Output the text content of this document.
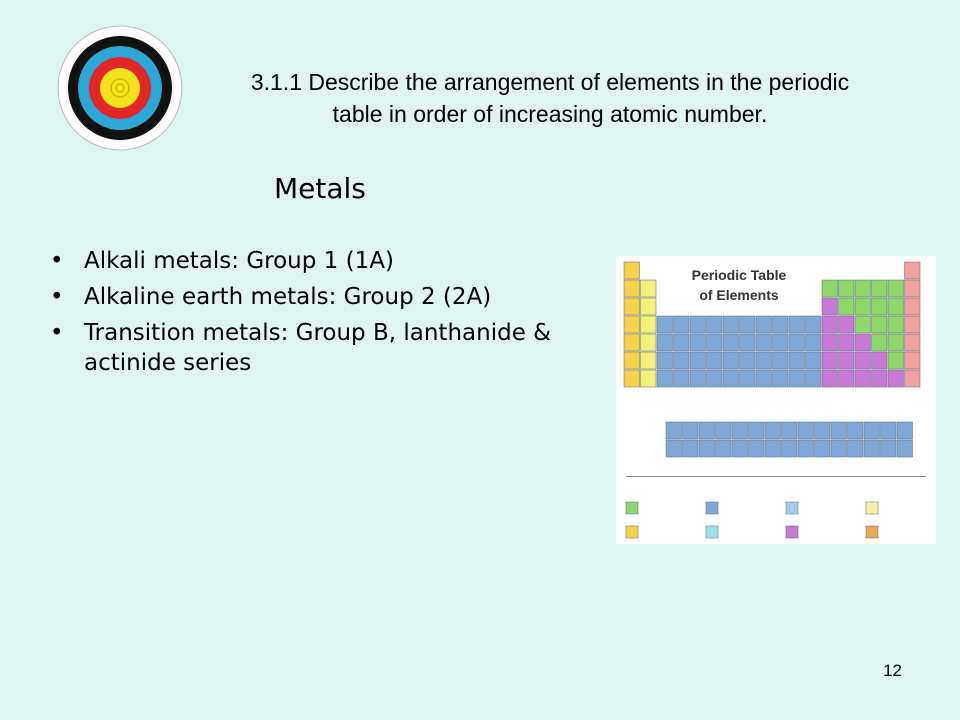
3.1.1 Describe the arrangement of elements in the periodic table in order of increasing atomic number.
Metals
• Alkali metals: Group 1 (1A)
• Alkaline earth metals: Group 2 (2A)
• Transition metals: Group B, lanthanide & actinide series
Periodic Table
of Elements
12
